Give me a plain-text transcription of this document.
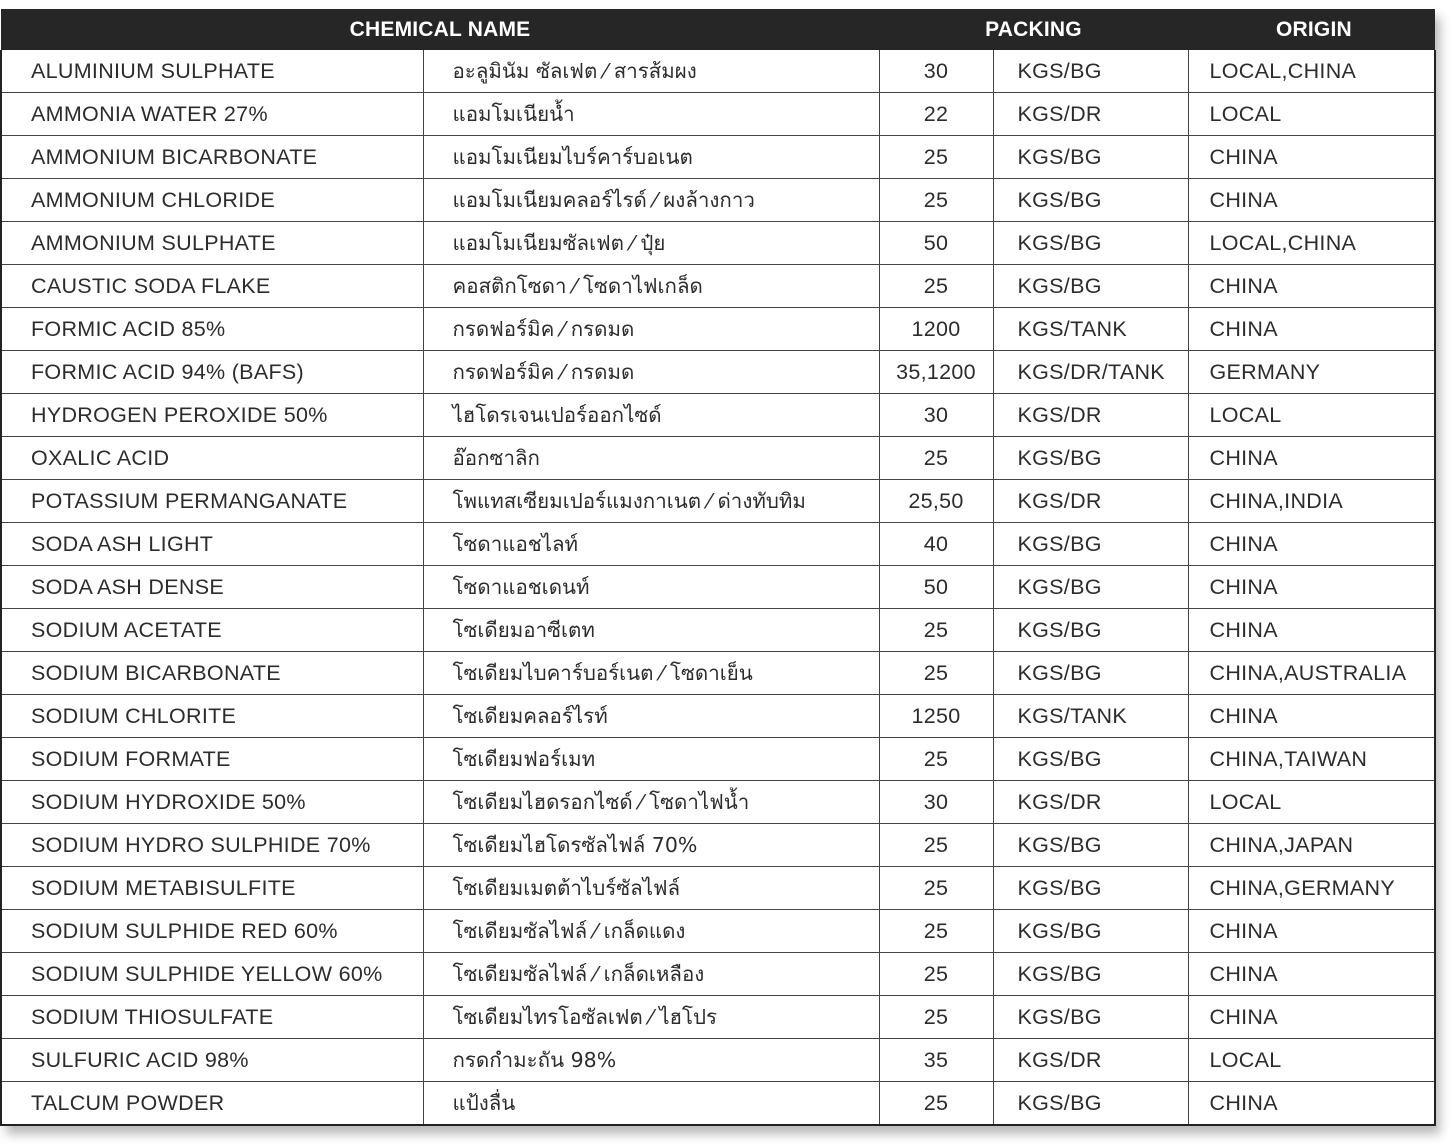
CHEMICAL NAME		PACKING		ORIGIN
ALUMINIUM SULPHATE	อะลูมินัม ซัลเฟต ⁄ สารส้มผง	30	KGS/BG	LOCAL,CHINA
AMMONIA WATER 27%	แอมโมเนียน้ำ	22	KGS/DR	LOCAL
AMMONIUM BICARBONATE	แอมโมเนียมไบร์คาร์บอเนต	25	KGS/BG	CHINA
AMMONIUM CHLORIDE	แอมโมเนียมคลอร์ไรด์ ⁄ ผงล้างกาว	25	KGS/BG	CHINA
AMMONIUM SULPHATE	แอมโมเนียมซัลเฟต ⁄ ปุ๋ย	50	KGS/BG	LOCAL,CHINA
CAUSTIC SODA FLAKE	คอสติกโซดา ⁄ โซดาไฟเกล็ด	25	KGS/BG	CHINA
FORMIC ACID 85%	กรดฟอร์มิค ⁄ กรดมด	1200	KGS/TANK	CHINA
FORMIC ACID 94% (BAFS)	กรดฟอร์มิค ⁄ กรดมด	35,1200	KGS/DR/TANK	GERMANY
HYDROGEN PEROXIDE 50%	ไฮโดรเจนเปอร์ออกไซด์	30	KGS/DR	LOCAL
OXALIC ACID	อ๊อกซาลิก	25	KGS/BG	CHINA
POTASSIUM PERMANGANATE	โพแทสเซียมเปอร์แมงกาเนต ⁄ ด่างทับทิม	25,50	KGS/DR	CHINA,INDIA
SODA ASH LIGHT	โซดาแอชไลท์	40	KGS/BG	CHINA
SODA ASH DENSE	โซดาแอชเดนท์	50	KGS/BG	CHINA
SODIUM ACETATE	โซเดียมอาซีเตท	25	KGS/BG	CHINA
SODIUM BICARBONATE	โซเดียมไบคาร์บอร์เนต ⁄ โซดาเย็น	25	KGS/BG	CHINA,AUSTRALIA
SODIUM CHLORITE	โซเดียมคลอร์ไรท์	1250	KGS/TANK	CHINA
SODIUM FORMATE	โซเดียมฟอร์เมท	25	KGS/BG	CHINA,TAIWAN
SODIUM HYDROXIDE 50%	โซเดียมไฮดรอกไซด์ ⁄ โซดาไฟน้ำ	30	KGS/DR	LOCAL
SODIUM HYDRO SULPHIDE 70%	โซเดียมไฮโดรซัลไฟล์ 70%	25	KGS/BG	CHINA,JAPAN
SODIUM METABISULFITE	โซเดียมเมตต้าไบร์ซัลไฟล์	25	KGS/BG	CHINA,GERMANY
SODIUM SULPHIDE RED 60%	โซเดียมซัลไฟล์ ⁄ เกล็ดแดง	25	KGS/BG	CHINA
SODIUM SULPHIDE YELLOW 60%	โซเดียมซัลไฟล์ ⁄ เกล็ดเหลือง	25	KGS/BG	CHINA
SODIUM THIOSULFATE	โซเดียมไทรโอซัลเฟต ⁄ ไฮโปร	25	KGS/BG	CHINA
SULFURIC ACID 98%	กรดกำมะถัน 98%	35	KGS/DR	LOCAL
TALCUM POWDER	แป้งลื่น	25	KGS/BG	CHINA
